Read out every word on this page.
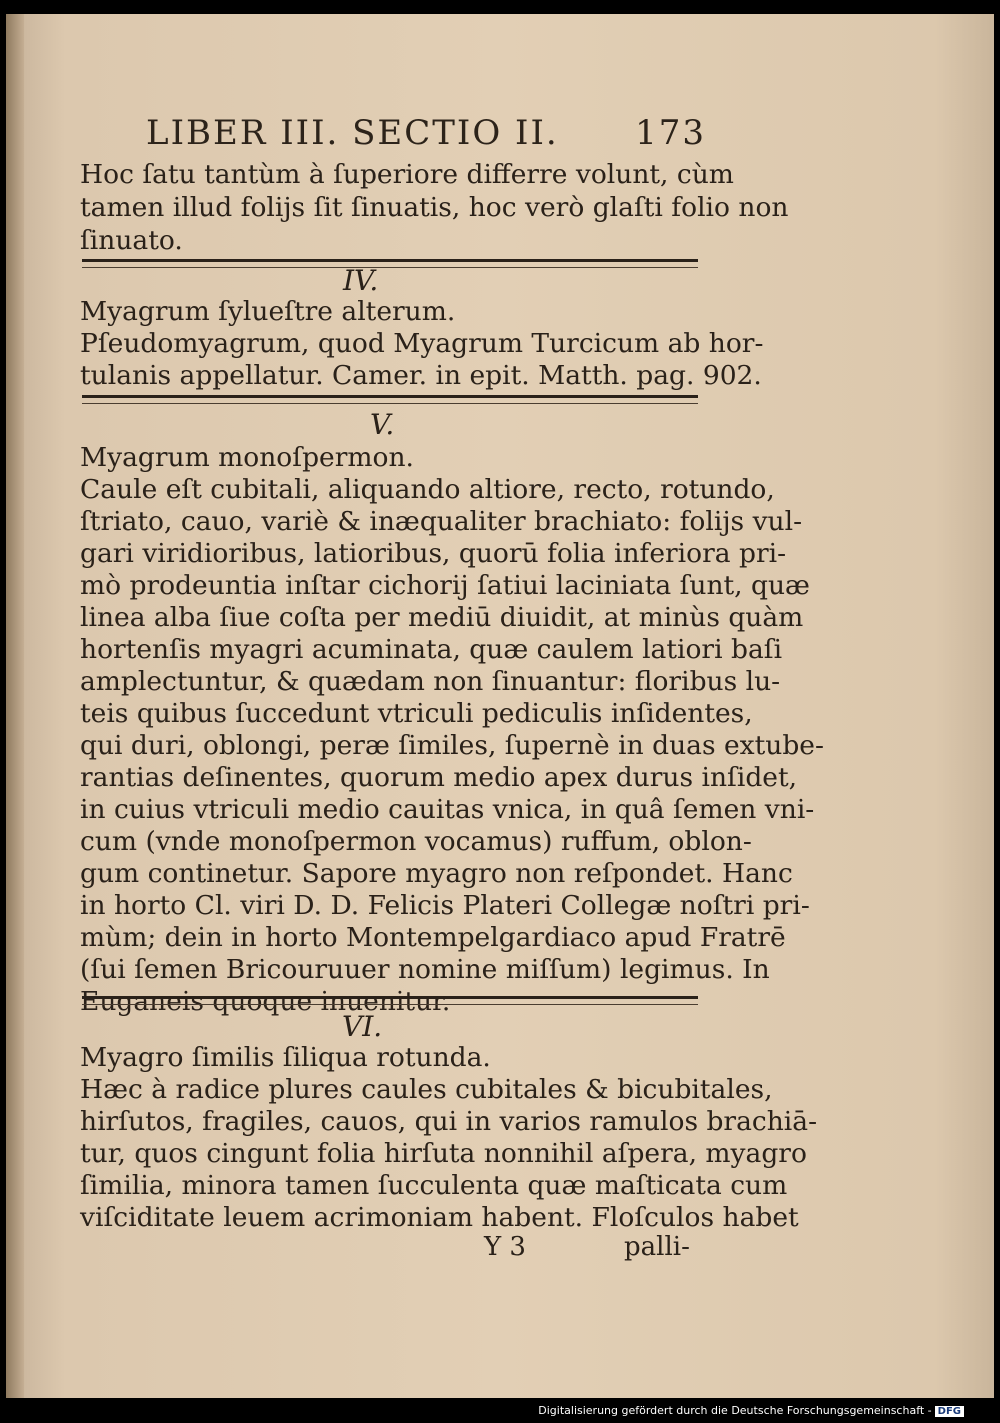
LIBER III. SECTIO II. 173

Hoc ſatu tantùm à ſuperiore differre volunt, cùm

tamen illud folijs ſit ſinuatis, hoc verò glaſti folio non

ſinuato.

IV.

Myagrum ſylueſtre alterum.

Pſeudomyagrum, quod Myagrum Turcicum ab hor-

tulanis appellatur. Camer. in epit. Matth. pag. 902.

V.

Myagrum monoſpermon.

Caule eſt cubitali, aliquando altiore, recto, rotundo,

ſtriato, cauo, variè & inæqualiter brachiato: folijs vul-

gari viridioribus, latioribus, quorū folia inferiora pri-

mò prodeuntia inſtar cichorij ſatiui laciniata ſunt, quæ

linea alba ſiue coſta per mediū diuidit, at minùs quàm

hortenſis myagri acuminata, quæ caulem latiori baſi

amplectuntur, & quædam non ſinuantur: floribus lu-

teis quibus ſuccedunt vtriculi pediculis inſidentes,

qui duri, oblongi, peræ ſimiles, ſupernè in duas extube-

rantias deſinentes, quorum medio apex durus inſidet,

in cuius vtriculi medio cauitas vnica, in quâ ſemen vni-

cum (vnde monoſpermon vocamus) ruffum, oblon-

gum continetur. Sapore myagro non reſpondet. Hanc

in horto Cl. viri D. D. Felicis Plateri Collegæ noſtri pri-

mùm; dein in horto Montempelgardiaco apud Fratrē

(ſui ſemen Bricouruuer nomine miſſum) legimus. In

Euganeis quoque inuenitur.

VI.

Myagro ſimilis ſiliqua rotunda.

Hæc à radice plures caules cubitales & bicubitales,

hirſutos, fragiles, cauos, qui in varios ramulos brachiā-

tur, quos cingunt folia hirſuta nonnihil aſpera, myagro

ſimilia, minora tamen ſucculenta quæ maſticata cum

viſciditate leuem acrimoniam habent. Floſculos habet

Y 3	palli-
Digitalisierung gefördert durch die Deutsche Forschungsgemeinschaft - DFG
